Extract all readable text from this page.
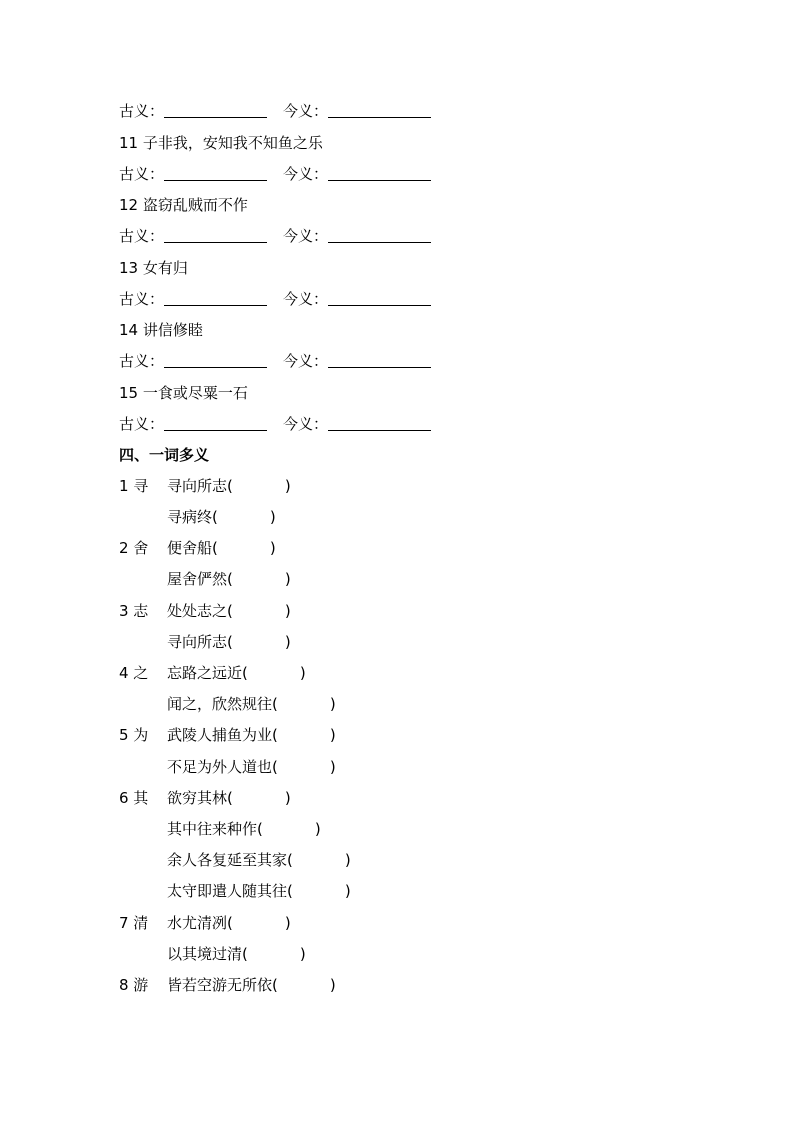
古义：	今义：
11 子非我，安知我不知鱼之乐
古义：	今义：
12 盗窃乱贼而不作
古义：	今义：
13 女有归
古义：	今义：
14 讲信修睦
古义：	今义：
15 一食或尽粟一石
古义：	今义：
四、一词多义
1 寻 寻向所志(	)
寻病终(	)
2 舍 便舍船(	)
屋舍俨然(	)
3 志 处处志之(	)
寻向所志(	)
4 之 忘路之远近(	)
闻之，欣然规往(	)
5 为 武陵人捕鱼为业(	)
不足为外人道也(	)
6 其 欲穷其林(	)
其中往来种作(	)
余人各复延至其家(	)
太守即遣人随其往(	)
7 清 水尤清冽(	)
以其境过清(	)
8 游 皆若空游无所依(	)
